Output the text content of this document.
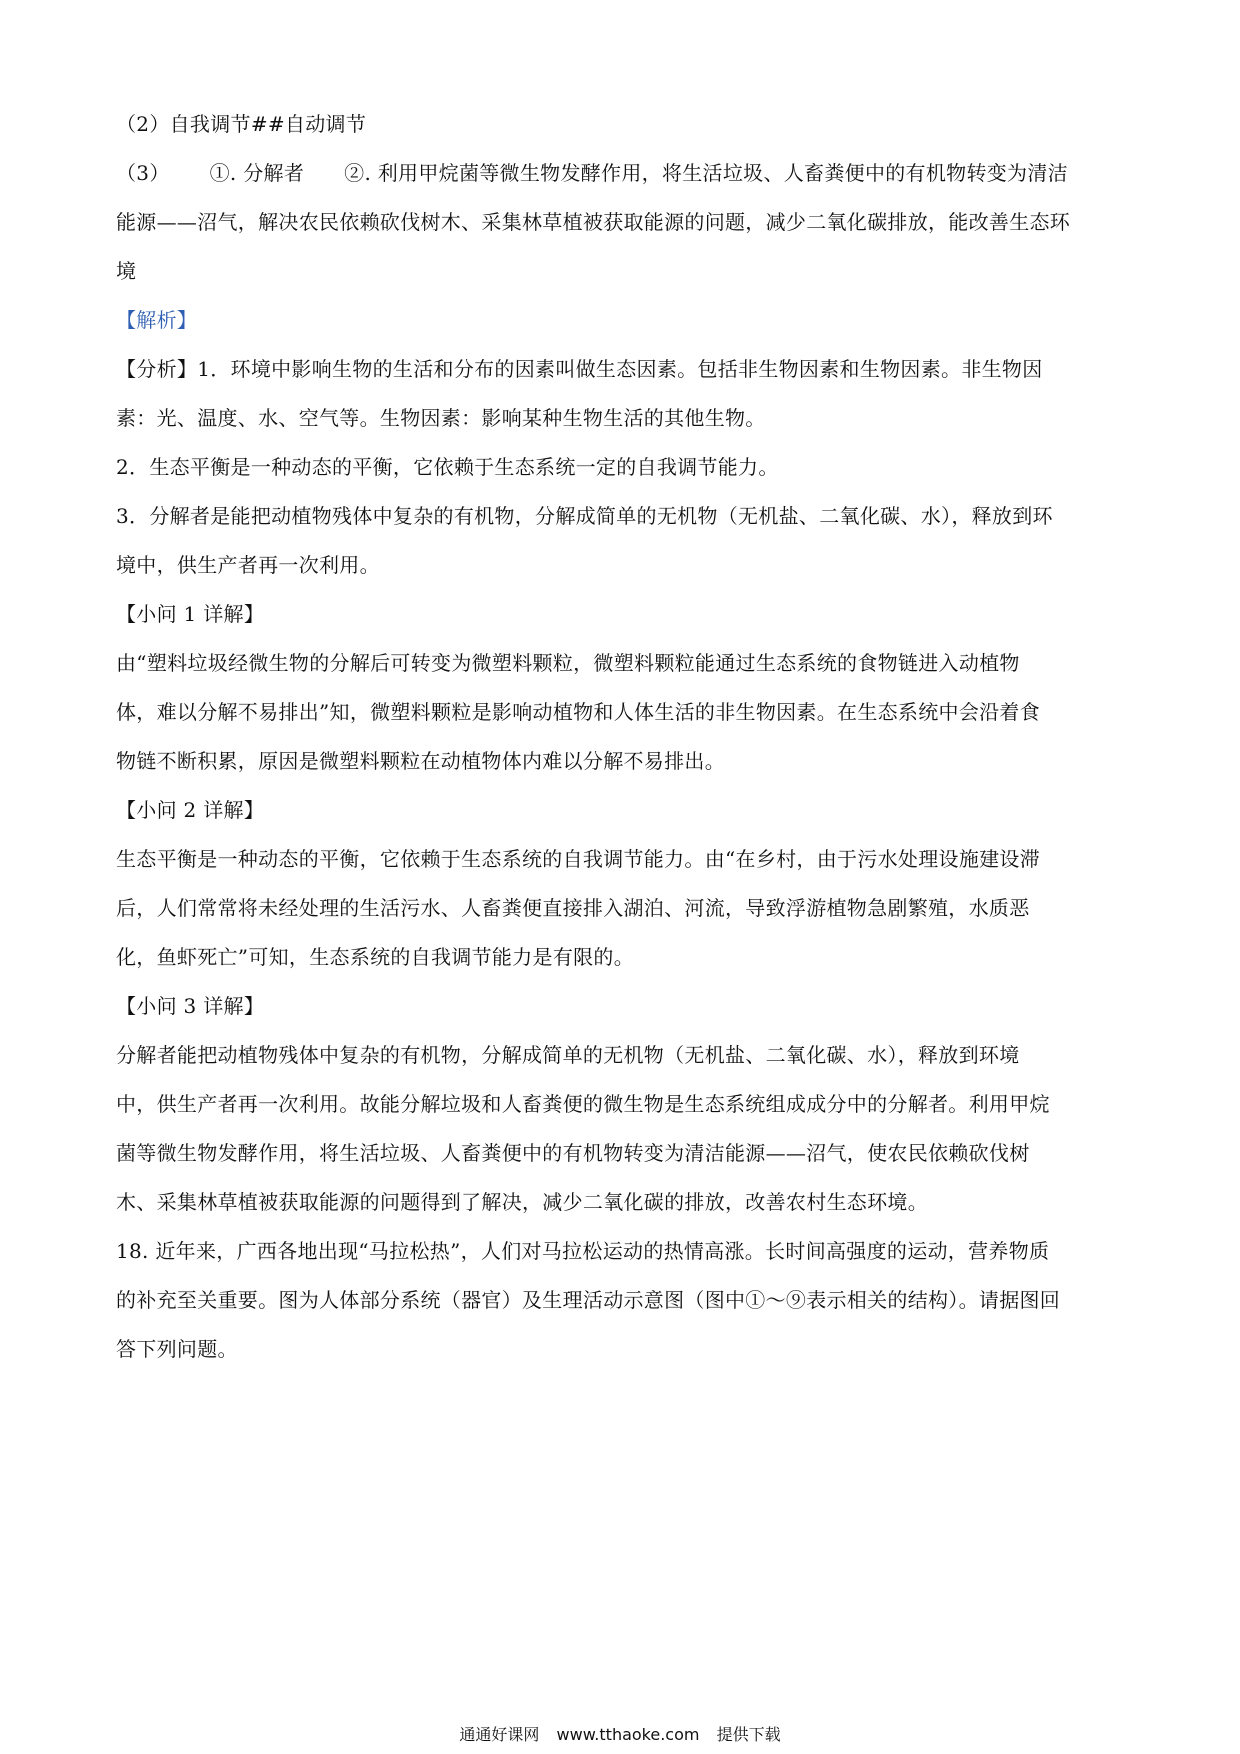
（2）自我调节##自动调节

（3） ①. 分解者 ②. 利用甲烷菌等微生物发酵作用，将生活垃圾、人畜粪便中的有机物转变为清洁

能源——沼气，解决农民依赖砍伐树木、采集林草植被获取能源的问题，减少二氧化碳排放，能改善生态环

境

【解析】

【分析】1．环境中影响生物的生活和分布的因素叫做生态因素。包括非生物因素和生物因素。非生物因

素：光、温度、水、空气等。生物因素：影响某种生物生活的其他生物。

2．生态平衡是一种动态的平衡，它依赖于生态系统一定的自我调节能力。

3．分解者是能把动植物残体中复杂的有机物，分解成简单的无机物（无机盐、二氧化碳、水），释放到环

境中，供生产者再一次利用。

【小问 1 详解】

由“塑料垃圾经微生物的分解后可转变为微塑料颗粒，微塑料颗粒能通过生态系统的食物链进入动植物

体，难以分解不易排出”知，微塑料颗粒是影响动植物和人体生活的非生物因素。在生态系统中会沿着食

物链不断积累，原因是微塑料颗粒在动植物体内难以分解不易排出。

【小问 2 详解】

生态平衡是一种动态的平衡，它依赖于生态系统的自我调节能力。由“在乡村，由于污水处理设施建设滞

后，人们常常将未经处理的生活污水、人畜粪便直接排入湖泊、河流，导致浮游植物急剧繁殖，水质恶

化，鱼虾死亡”可知，生态系统的自我调节能力是有限的。

【小问 3 详解】

分解者能把动植物残体中复杂的有机物，分解成简单的无机物（无机盐、二氧化碳、水），释放到环境

中，供生产者再一次利用。故能分解垃圾和人畜粪便的微生物是生态系统组成成分中的分解者。利用甲烷

菌等微生物发酵作用，将生活垃圾、人畜粪便中的有机物转变为清洁能源——沼气，使农民依赖砍伐树

木、采集林草植被获取能源的问题得到了解决，减少二氧化碳的排放，改善农村生态环境。

18. 近年来，广西各地出现“马拉松热”，人们对马拉松运动的热情高涨。长时间高强度的运动，营养物质

的补充至关重要。图为人体部分系统（器官）及生理活动示意图（图中①～⑨表示相关的结构）。请据图回

答下列问题。

通通好课网 www.tthaoke.com 提供下载
